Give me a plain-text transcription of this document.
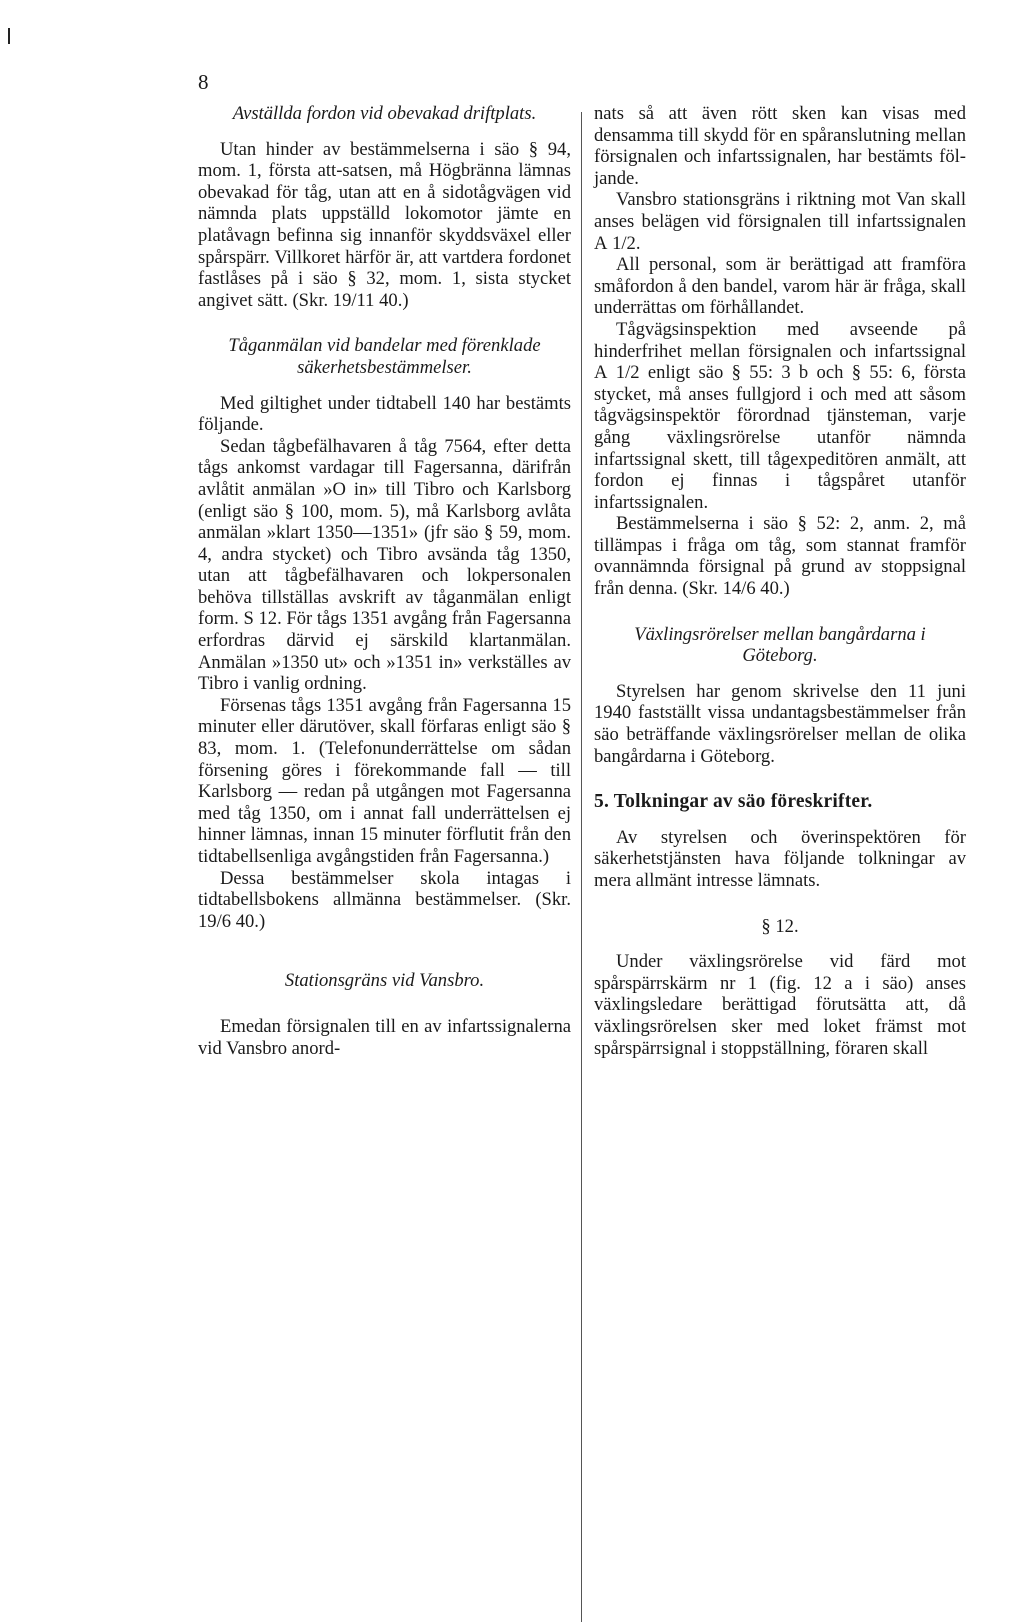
8

Avställda fordon vid obevakad driftplats.

Utan hinder av bestämmelserna i säo § 94, mom. 1, första att-satsen, må Högbränna lämnas obevakad för tåg, utan att en å sidotågvägen vid nämnda plats uppställd lokomotor jämte en platåvagn befinna sig innanför skyddsväxel eller spårspärr. Villkoret härför är, att vartdera fordonet fastlåses på i säo § 32, mom. 1, sista stycket angivet sätt. (Skr. 19/11 40.)

Tåganmälan vid bandelar med förenklade säkerhetsbestämmelser.

Med giltighet under tidtabell 140 har bestämts följande.

Sedan tågbefälhavaren å tåg 7564, efter detta tågs ankomst vardagar till Fagersanna, därifrån avlåtit anmälan »O in» till Tibro och Karlsborg (enligt säo § 100, mom. 5), må Karlsborg avlåta anmälan »klart 1350—1351» (jfr säo § 59, mom. 4, andra stycket) och Tibro avsända tåg 1350, utan att tågbefälhavaren och lokpersonalen behöva tillställas avskrift av tåganmälan enligt form. S 12. För tågs 1351 avgång från Fagersanna erfordras därvid ej särskild klartanmälan. Anmälan »1350 ut» och »1351 in» verkställes av Tibro i vanlig ordning.

Försenas tågs 1351 avgång från Fagersanna 15 minuter eller därutöver, skall förfaras enligt säo § 83, mom. 1. (Telefonunderrättelse om sådan försening göres i förekommande fall — till Karlsborg — redan på utgången mot Fagersanna med tåg 1350, om i annat fall underrättelsen ej hinner lämnas, innan 15 minuter förflutit från den tidtabellsenliga avgångstiden från Fagersanna.)

Dessa bestämmelser skola intagas i tidtabellsbokens allmänna bestämmelser. (Skr. 19/6 40.)

Stationsgräns vid Vansbro.

Emedan försignalen till en av infartssignalerna vid Vansbro anord-

nats så att även rött sken kan visas med densamma till skydd för en spåranslutning mellan försignalen och infartssignalen, har bestämts följande.

Vansbro stationsgräns i riktning mot Van skall anses belägen vid försignalen till infartssignalen A 1/2.

All personal, som är berättigad att framföra småfordon å den bandel, varom här är fråga, skall underrättas om förhållandet.

Tågvägsinspektion med avseende på hinderfrihet mellan försignalen och infartssignal A 1/2 enligt säo § 55: 3 b och § 55: 6, första stycket, må anses fullgjord i och med att såsom tågvägsinspektör förordnad tjänsteman, varje gång växlingsrörelse utanför nämnda infartssignal skett, till tågexpeditören anmält, att fordon ej finnas i tågspåret utanför infartssignalen.

Bestämmelserna i säo § 52: 2, anm. 2, må tillämpas i fråga om tåg, som stannat framför ovannämnda försignal på grund av stoppsignal från denna. (Skr. 14/6 40.)

Växlingsrörelser mellan bangårdarna i Göteborg.

Styrelsen har genom skrivelse den 11 juni 1940 fastställt vissa undantagsbestämmelser från säo beträffande växlingsrörelser mellan de olika bangårdarna i Göteborg.

5. Tolkningar av säo föreskrifter.

Av styrelsen och överinspektören för säkerhetstjänsten hava följande tolkningar av mera allmänt intresse lämnats.

§ 12.

Under växlingsrörelse vid färd mot spårspärrskärm nr 1 (fig. 12 a i säo) anses växlingsledare berättigad förutsätta att, då växlingsrörelsen sker med loket främst mot spårspärrsignal i stoppställning, föraren skall
